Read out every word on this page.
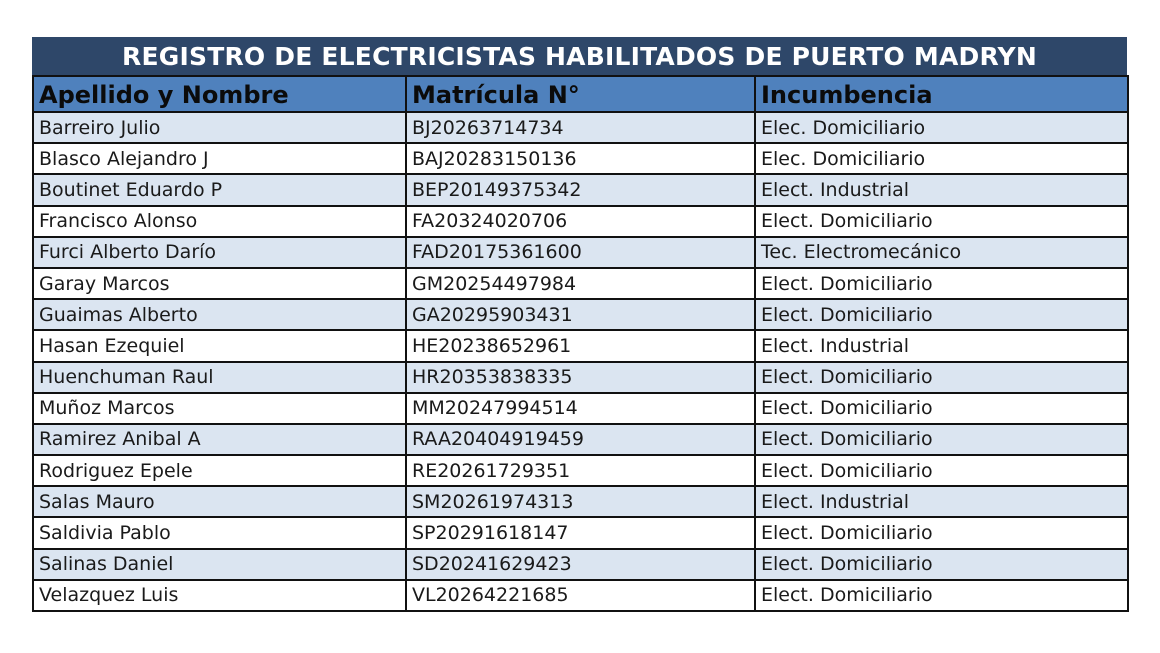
REGISTRO DE ELECTRICISTAS HABILITADOS DE PUERTO MADRYN
Apellido y Nombre	Matrícula N°	Incumbencia
Barreiro Julio	BJ20263714734	Elec. Domiciliario
Blasco Alejandro J	BAJ20283150136	Elec. Domiciliario
Boutinet Eduardo P	BEP20149375342	Elect. Industrial
Francisco Alonso	FA20324020706	Elect. Domiciliario
Furci Alberto Darío	FAD20175361600	Tec. Electromecánico
Garay Marcos	GM20254497984	Elect. Domiciliario
Guaimas Alberto	GA20295903431	Elect. Domiciliario
Hasan Ezequiel	HE20238652961	Elect. Industrial
Huenchuman Raul	HR20353838335	Elect. Domiciliario
Muñoz Marcos	MM20247994514	Elect. Domiciliario
Ramirez Anibal A	RAA20404919459	Elect. Domiciliario
Rodriguez Epele	RE20261729351	Elect. Domiciliario
Salas Mauro	SM20261974313	Elect. Industrial
Saldivia Pablo	SP20291618147	Elect. Domiciliario
Salinas Daniel	SD20241629423	Elect. Domiciliario
Velazquez Luis	VL20264221685	Elect. Domiciliario
